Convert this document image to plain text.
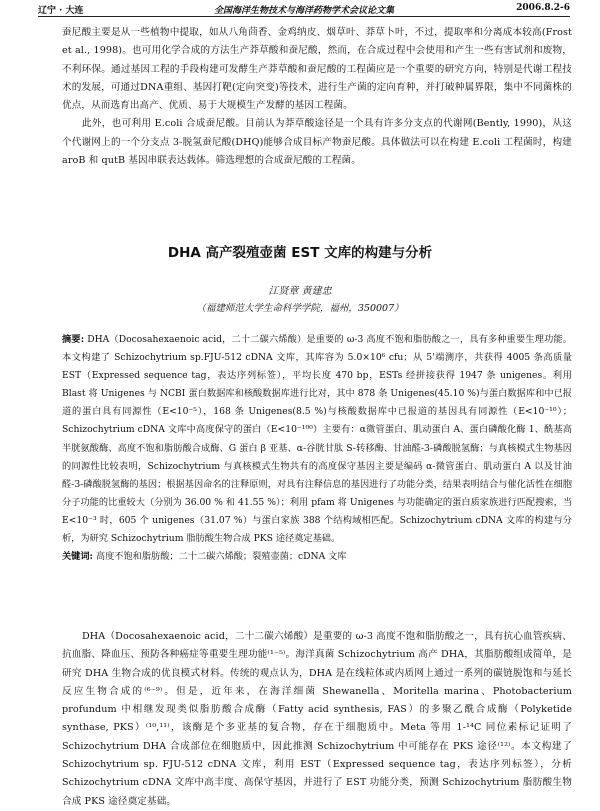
辽宁 · 大连	全国海洋生物技术与海洋药物学术会议论文集	2006.8.2-6

蚕尼酸主要是从一些植物中提取，如从八角茴香、金鸡纳皮、烟草叶、莽草卜叶，不过，提取率和分离成本较高(Frost et al., 1998)。也可用化学合成的方法生产莽草酸和蚕尼酸，然而，在合成过程中会使用和产生一些有害试剂和废物，不利环保。通过基因工程的手段构建可发酵生产莽草酸和蚕尼酸的工程菌应是一个重要的研究方向，特别是代谢工程技术的发展，可通过DNA重组、基因打靶(定向突变)等技术，进行生产菌的定向育种，并打破种属界限，集中不同菌株的优点，从而选育出高产、优质、易于大规模生产发酵的基因工程菌。

此外，也可利用 E.coli 合成蚕尼酸。目前认为莽草酸途径是一个具有许多分支点的代谢网(Bently, 1990)，从这个代谢网上的一个分支点 3-脱氢蚕尼酸(DHQ)能够合成目标产物蚕尼酸。具体做法可以在构建 E.coli 工程菌时，构建 aroB 和 qutB 基因串联表达载体。筛选理想的合成蚕尼酸的工程菌。

DHA 高产裂殖壶菌 EST 文库的构建与分析
江贤章 黄建忠
（福建师范大学生命科学学院，福州，350007）

摘要: DHA（Docosahexaenoic acid，二十二碳六烯酸）是重要的 ω-3 高度不饱和脂肪酸之一，具有多种重要生理功能。本文构建了 Schizochytrium sp.FJU-512 cDNA 文库，其库容为 5.0×10⁶ cfu；从 5'端测序，共获得 4005 条高质量 EST（Expressed sequence tag，表达序列标签），平均长度 470 bp，ESTs 经拼接获得 1947 条 unigenes。利用 Blast 将 Unigenes 与 NCBI 蛋白数据库和核酸数据库进行比对，其中 878 条 Unigenes(45.10 %)与蛋白数据库和中已报道的蛋白具有同源性（E<10⁻⁵），168 条 Unigenes(8.5 %)与核酸数据库中已报道的基因具有同源性（E<10⁻¹⁰）；Schizochytrium cDNA 文库中高度保守的蛋白（E<10⁻¹⁰⁰）主要有：α微管蛋白、肌动蛋白 A、蛋白磷酸化酶 1、酰基高半胱氨酸酶、高度不饱和脂肪酸合成酶、G 蛋白 β 亚基、α-谷胱甘肽 S-转移酶、甘油醛-3-磷酸脱氢酶；与真核模式生物基因的同源性比较表明，Schizochytrium 与真核模式生物共有的高度保守基因主要是编码 α-微管蛋白、肌动蛋白 A 以及甘油醛-3-磷酸脱氢酶的基因；根据基因命名的注释原则，对具有注释信息的基因进行了功能分类，结果表明结合与催化活性在细胞分子功能的比重较大（分别为 36.00 % 和 41.55 %）；利用 pfam 将 Unigenes 与功能确定的蛋白质家族进行匹配搜索，当 E<10⁻³ 时，605 个 unigenes（31.07 %）与蛋白家族 388 个结构域相匹配。Schizochytrium cDNA 文库的构建与分析，为研究 Schizochytrium 脂肪酸生物合成 PKS 途径奠定基础。

关键词: 高度不饱和脂肪酸；二十二碳六烯酸；裂殖壶菌；cDNA 文库

DHA（Docosahexaenoic acid，二十二碳六烯酸）是重要的 ω-3 高度不饱和脂肪酸之一，具有抗心血管疾病、抗血脂、降血压、预防各种癌症等重要生理功能⁽¹⁻⁵⁾。海洋真菌 Schizochytrium 高产 DHA，其脂肪酸组成简单，是研究 DHA 生物合成的优良模式材料。传统的观点认为，DHA 是在线粒体或内质网上通过一系列的碳链脱饱和与延长反应生物合成的⁽⁶⁻⁹⁾。但是，近年来，在海洋细菌 Shewanella、Moritella marina、Photobacterium profundum 中相继发现类似脂肪酸合成酶（Fatty acid synthesis, FAS）的多聚乙酰合成酶（Polyketide synthase, PKS）⁽¹⁰,¹¹⁾，该酶是个多亚基的复合物，存在于细胞质中。Meta 等用 1-¹⁴C 同位素标记证明了 Schizochytrium DHA 合成部位在细胞质中，因此推测 Schizochytrium 中可能存在 PKS 途径⁽¹²⁾。本文构建了 Schizochytrium sp. FJU-512 cDNA 文库，利用 EST（Expressed sequence tag，表达序列标签），分析 Schizochytrium cDNA 文库中高丰度、高保守基因，并进行了 EST 功能分类，预测 Schizochytrium 脂肪酸生物合成 PKS 途径奠定基础。
